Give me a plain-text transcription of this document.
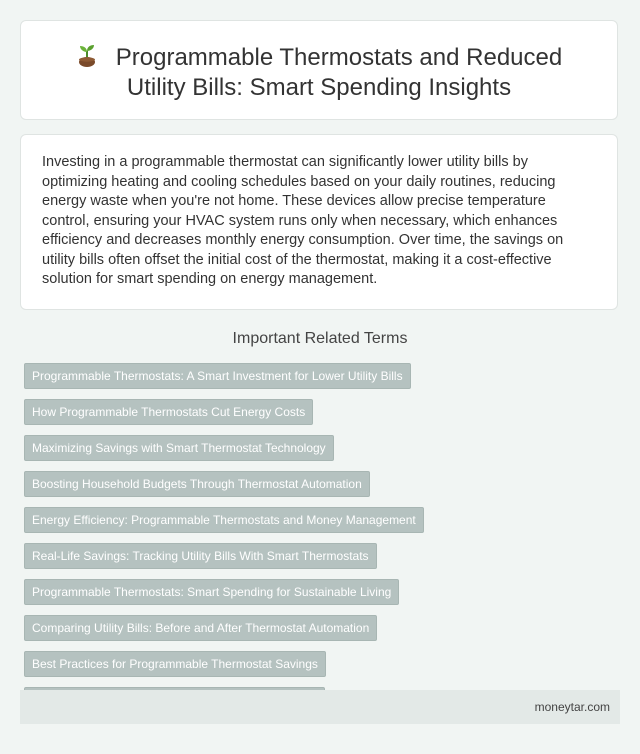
Programmable Thermostats and Reduced
Utility Bills: Smart Spending Insights

Investing in a programmable thermostat can significantly lower utility bills by optimizing heating and cooling schedules based on your daily routines, reducing energy waste when you're not home. These devices allow precise temperature control, ensuring your HVAC system runs only when necessary, which enhances efficiency and decreases monthly energy consumption. Over time, the savings on utility bills often offset the initial cost of the thermostat, making it a cost-effective solution for smart spending on energy management.

Important Related Terms
Programmable Thermostats: A Smart Investment for Lower Utility Bills
How Programmable Thermostats Cut Energy Costs
Maximizing Savings with Smart Thermostat Technology
Boosting Household Budgets Through Thermostat Automation
Energy Efficiency: Programmable Thermostats and Money Management
Real-Life Savings: Tracking Utility Bills With Smart Thermostats
Programmable Thermostats: Smart Spending for Sustainable Living
Comparing Utility Bills: Before and After Thermostat Automation
Best Practices for Programmable Thermostat Savings
moneytar.com
